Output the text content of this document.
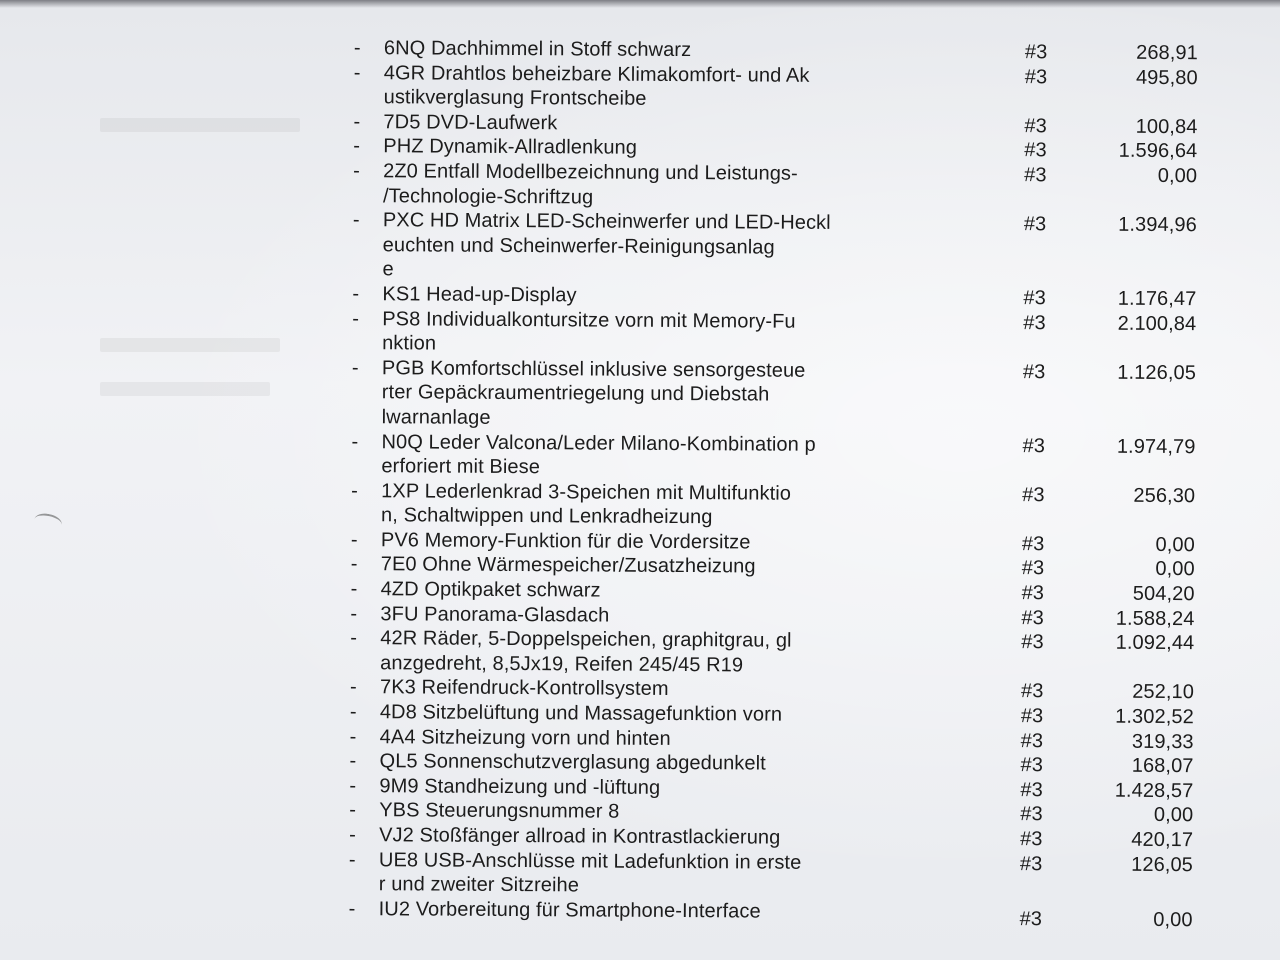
- 6NQ Dachhimmel in Stoff schwarz	#3	268,91
- 4GR Drahtlos beheizbare Klimakomfort- und Ak
ustikverglasung Frontscheibe
#3	495,80
- 7D5 DVD-Laufwerk	#3	100,84
- PHZ Dynamik-Allradlenkung	#3	1.596,64
- 2Z0 Entfall Modellbezeichnung und Leistungs-
/Technologie-Schriftzug
#3	0,00
- PXC HD Matrix LED-Scheinwerfer und LED-Heckl
euchten und Scheinwerfer-Reinigungsanlag
e
#3	1.394,96
- KS1 Head-up-Display	#3	1.176,47
- PS8 Individualkontursitze vorn mit Memory-Fu
nktion
#3	2.100,84
- PGB Komfortschlüssel inklusive sensorgesteue
rter Gepäckraumentriegelung und Diebstah
lwarnanlage
#3	1.126,05
- N0Q Leder Valcona/Leder Milano-Kombination p
erforiert mit Biese
#3	1.974,79
- 1XP Lederlenkrad 3-Speichen mit Multifunktio
n, Schaltwippen und Lenkradheizung
#3	256,30
- PV6 Memory-Funktion für die Vordersitze	#3	0,00
- 7E0 Ohne Wärmespeicher/Zusatzheizung	#3	0,00
- 4ZD Optikpaket schwarz	#3	504,20
- 3FU Panorama-Glasdach	#3	1.588,24
- 42R Räder, 5-Doppelspeichen, graphitgrau, gl
anzgedreht, 8,5Jx19, Reifen 245/45 R19
#3	1.092,44
- 7K3 Reifendruck-Kontrollsystem	#3	252,10
- 4D8 Sitzbelüftung und Massagefunktion vorn	#3	1.302,52
- 4A4 Sitzheizung vorn und hinten	#3	319,33
- QL5 Sonnenschutzverglasung abgedunkelt	#3	168,07
- 9M9 Standheizung und -lüftung	#3	1.428,57
- YBS Steuerungsnummer 8	#3	0,00
- VJ2 Stoßfänger allroad in Kontrastlackierung	#3	420,17
- UE8 USB-Anschlüsse mit Ladefunktion in erste
r und zweiter Sitzreihe
#3	126,05
- IU2 Vorbereitung für Smartphone-Interface	#3	0,00
